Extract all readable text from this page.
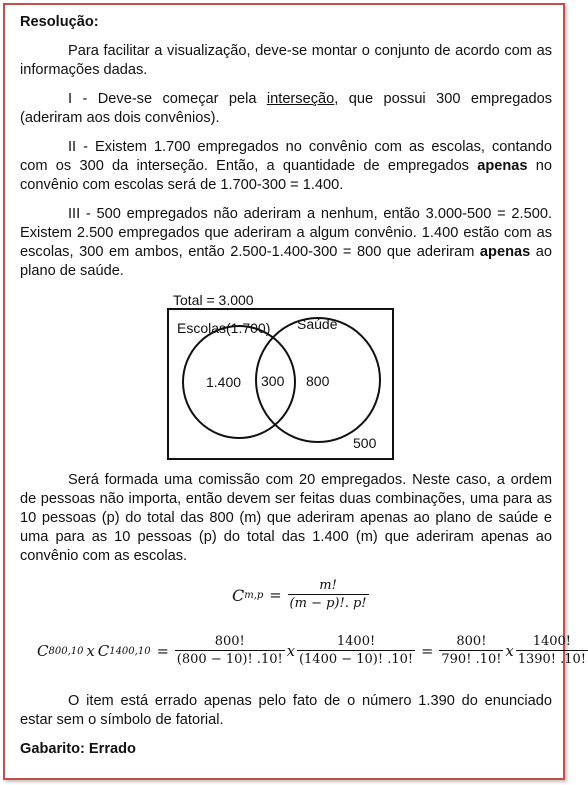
Resolução:

Para facilitar a visualização, deve-se montar o conjunto de acordo com as informações dadas.

I - Deve-se começar pela interseção, que possui 300 empregados (aderiram aos dois convênios).

II - Existem 1.700 empregados no convênio com as escolas, contando com os 300 da interseção. Então, a quantidade de empregados apenas no convênio com escolas será de 1.700-300 = 1.400.

III - 500 empregados não aderiram a nenhum, então 3.000-500 = 2.500. Existem 2.500 empregados que aderiram a algum convênio. 1.400 estão com as escolas, 300 em ambos, então 2.500-1.400-300 = 800 que aderiram apenas ao plano de saúde.

Total = 3.000
Escolas(1.700) Saúde
1.400 300 800
500

Será formada uma comissão com 20 empregados. Neste caso, a ordem de pessoas não importa, então devem ser feitas duas combinações, uma para as 10 pessoas (p) do total das 800 (m) que aderiram apenas ao plano de saúde e uma para as 10 pessoas (p) do total das 1.400 (m) que aderiram apenas ao convênio com as escolas.

C $m,p = \frac{m!}{(m - p)!. p!}$
C 800,10 x C $1400,10 = \frac{800!}{(800 - 10)! .10!}$ x $\frac{1400!}{(1400 - 10)! .10!} = \frac{800!}{790! .10!}$ x $\frac{1400!}{1390! .10!}$

O item está errado apenas pelo fato de o número 1.390 do enunciado estar sem o símbolo de fatorial.

Gabarito: Errado
